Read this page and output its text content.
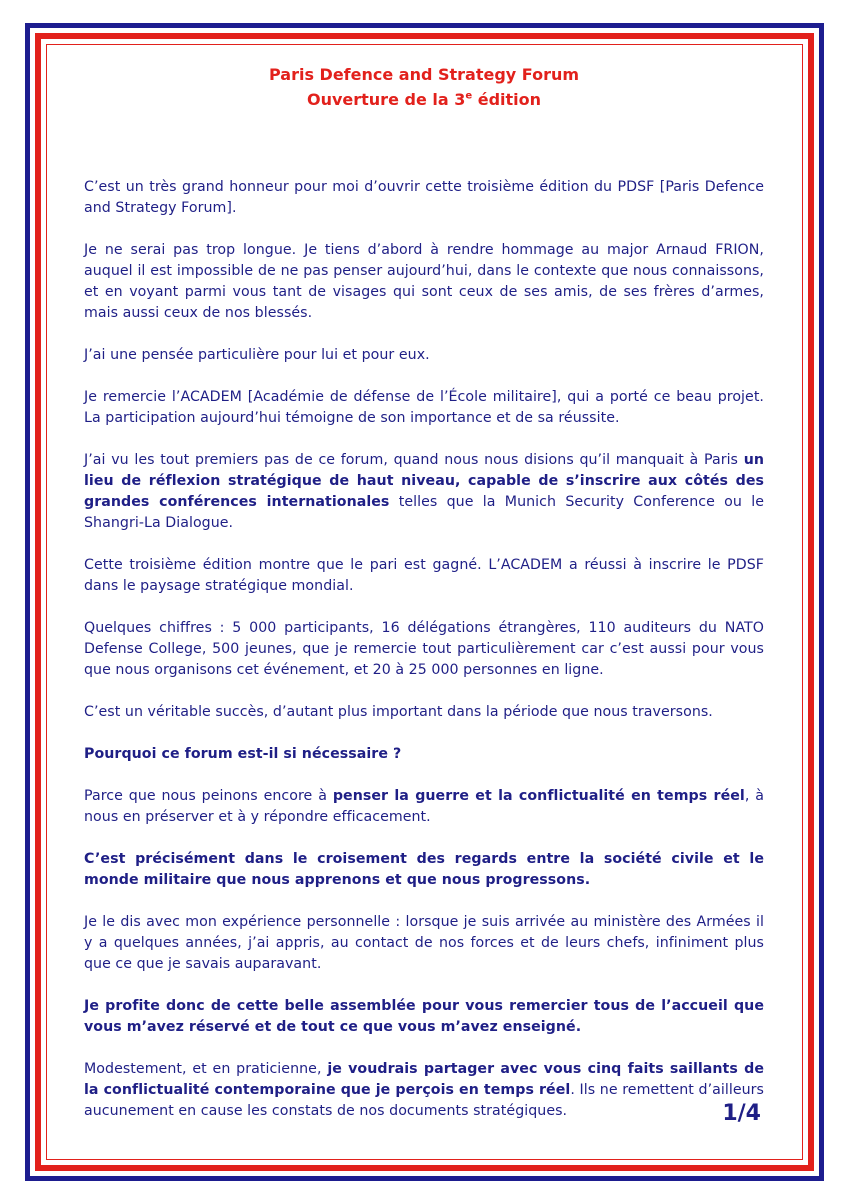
Paris Defence and Strategy Forum
Ouverture de la 3e édition

C’est un très grand honneur pour moi d’ouvrir cette troisième édition du PDSF [Paris Defence and Strategy Forum].

Je ne serai pas trop longue. Je tiens d’abord à rendre hommage au major Arnaud FRION, auquel il est impossible de ne pas penser aujourd’hui, dans le contexte que nous connaissons, et en voyant parmi vous tant de visages qui sont ceux de ses amis, de ses frères d’armes, mais aussi ceux de nos blessés.

J’ai une pensée particulière pour lui et pour eux.

Je remercie l’ACADEM [Académie de défense de l’École militaire], qui a porté ce beau projet. La participation aujourd’hui témoigne de son importance et de sa réussite.

J’ai vu les tout premiers pas de ce forum, quand nous nous disions qu’il manquait à Paris un lieu de réflexion stratégique de haut niveau, capable de s’inscrire aux côtés des grandes conférences internationales telles que la Munich Security Conference ou le Shangri-La Dialogue.

Cette troisième édition montre que le pari est gagné. L’ACADEM a réussi à inscrire le PDSF dans le paysage stratégique mondial.

Quelques chiffres : 5 000 participants, 16 délégations étrangères, 110 auditeurs du NATO Defense College, 500 jeunes, que je remercie tout particulièrement car c’est aussi pour vous que nous organisons cet événement, et 20 à 25 000 personnes en ligne.

C’est un véritable succès, d’autant plus important dans la période que nous traversons.

Pourquoi ce forum est-il si nécessaire ?

Parce que nous peinons encore à penser la guerre et la conflictualité en temps réel, à nous en préserver et à y répondre efficacement.

C’est précisément dans le croisement des regards entre la société civile et le monde militaire que nous apprenons et que nous progressons.

Je le dis avec mon expérience personnelle : lorsque je suis arrivée au ministère des Armées il y a quelques années, j’ai appris, au contact de nos forces et de leurs chefs, infiniment plus que ce que je savais auparavant.

Je profite donc de cette belle assemblée pour vous remercier tous de l’accueil que vous m’avez réservé et de tout ce que vous m’avez enseigné.

Modestement, et en praticienne, je voudrais partager avec vous cinq faits saillants de la conflictualité contemporaine que je perçois en temps réel. Ils ne remettent d’ailleurs aucunement en cause les constats de nos documents stratégiques.	1/4
